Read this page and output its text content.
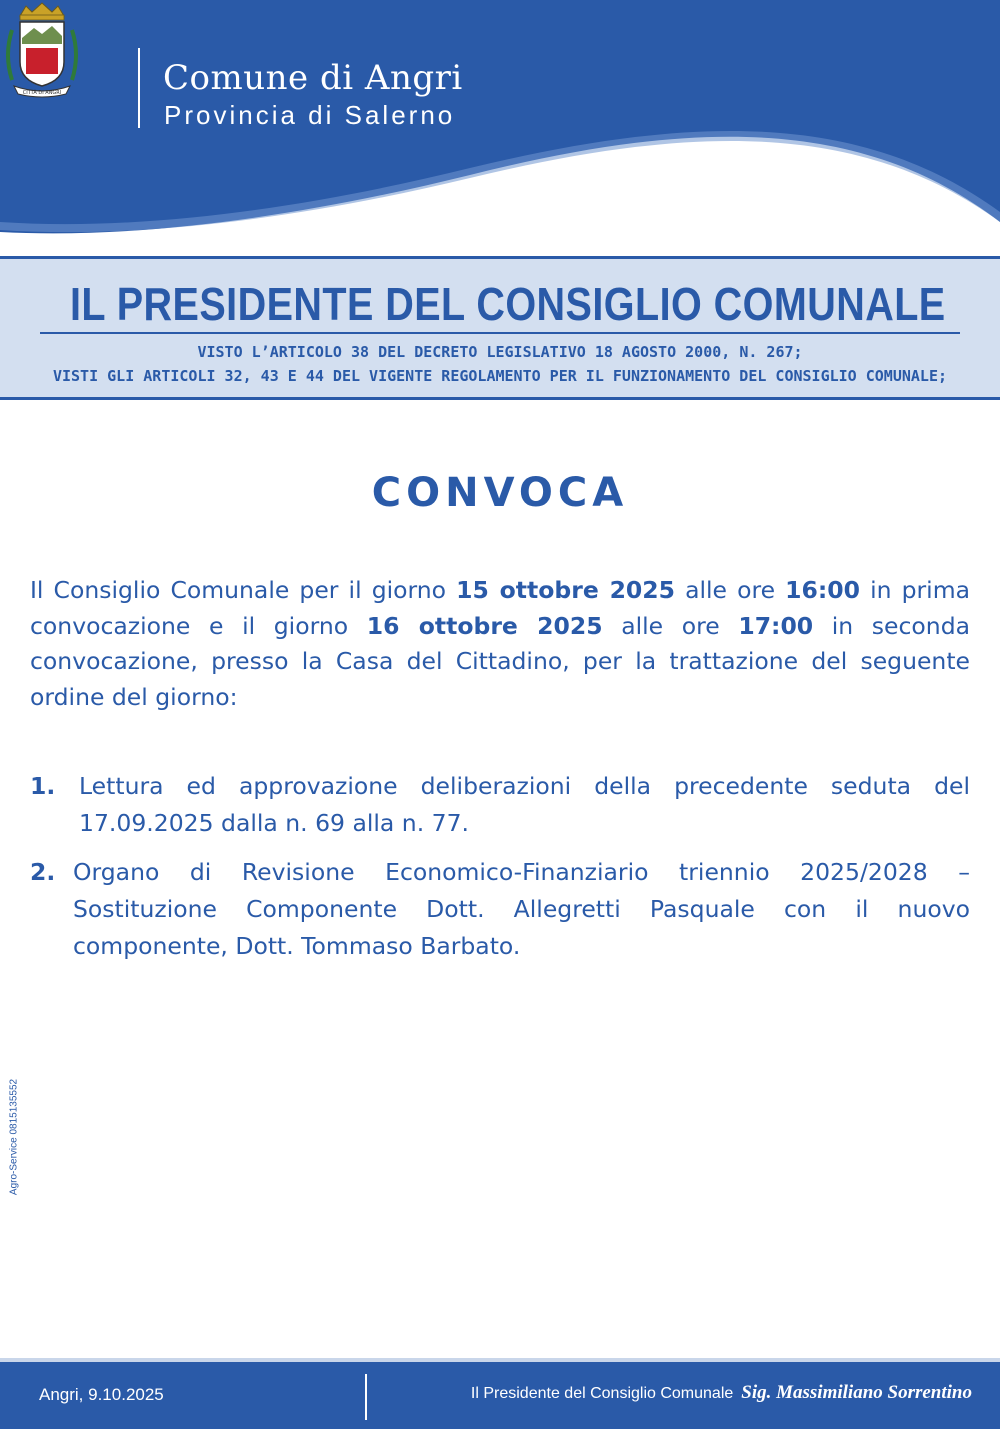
CITTÀ DI ANGRI	Comune di Angri
Provincia di Salerno
IL PRESIDENTE DEL CONSIGLIO COMUNALE
VISTO L’ARTICOLO 38 DEL DECRETO LEGISLATIVO 18 AGOSTO 2000, N. 267;
VISTI GLI ARTICOLI 32, 43 E 44 DEL VIGENTE REGOLAMENTO PER IL FUNZIONAMENTO DEL CONSIGLIO COMUNALE;
CONVOCA
Il Consiglio Comunale per il giorno 15 ottobre 2025 alle ore 16:00 in prima convocazione e il giorno 16 ottobre 2025 alle ore 17:00 in seconda convocazione, presso la Casa del Cittadino, per la trattazione del seguente ordine del giorno:
1.	Lettura ed approvazione deliberazioni della precedente seduta del 17.09.2025 dalla n. 69 alla n. 77.
2. Organo di Revisione Economico-Finanziario triennio 2025/2028 – Sostituzione Componente Dott. Allegretti Pasquale con il nuovo componente, Dott. Tommaso Barbato.
Agro-Service 0815135552
Angri, 9.10.2025	Il Presidente del Consiglio Comunale Sig. Massimiliano Sorrentino
